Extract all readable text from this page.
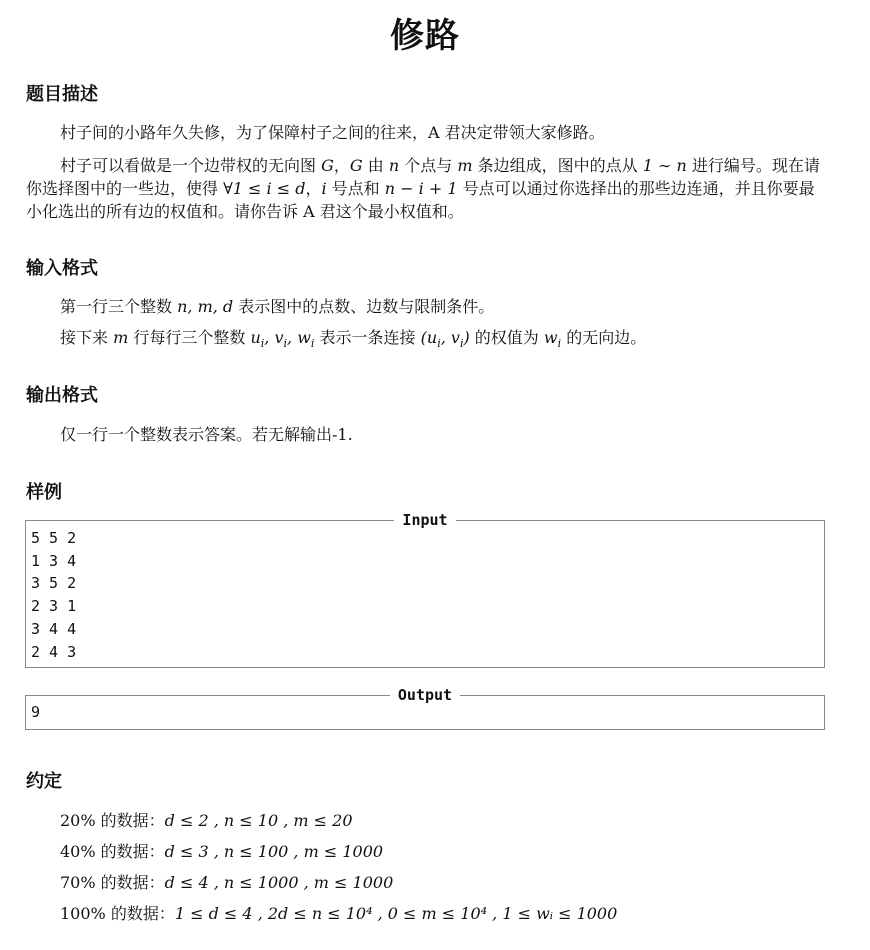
修路
题目描述
村子间的小路年久失修，为了保障村子之间的往来，A 君决定带领大家修路。
村子可以看做是一个边带权的无向图 G，G 由 n 个点与 m 条边组成，图中的点从 1 ∼ n 进行编号。现在请你选择图中的一些边，使得 ∀1 ≤ i ≤ d，i 号点和 n − i + 1 号点可以通过你选择出的那些边连通，并且你要最小化选出的所有边的权值和。请你告诉 A 君这个最小权值和。
输入格式
第一行三个整数 n, m, d 表示图中的点数、边数与限制条件。
接下来 m 行每行三个整数 $u_i$, $v_i$, $w_i$ 表示一条连接 ($u_i$, $v_i$) 的权值为 $w_i$ 的无向边。
输出格式
仅一行一个整数表示答案。若无解输出-1.
样例
Input
5 5 2
1 3 4
3 5 2
2 3 1
3 4 4
2 4 3
Output
9
约定
20% 的数据：d ≤ 2 , n ≤ 10 , m ≤ 20
40% 的数据：d ≤ 3 , n ≤ 100 , m ≤ 1000
70% 的数据：d ≤ 4 , n ≤ 1000 , m ≤ 1000
100% 的数据：1 ≤ d ≤ 4 , 2d ≤ n ≤ 10⁴ , 0 ≤ m ≤ 10⁴ , 1 ≤ wᵢ ≤ 1000
